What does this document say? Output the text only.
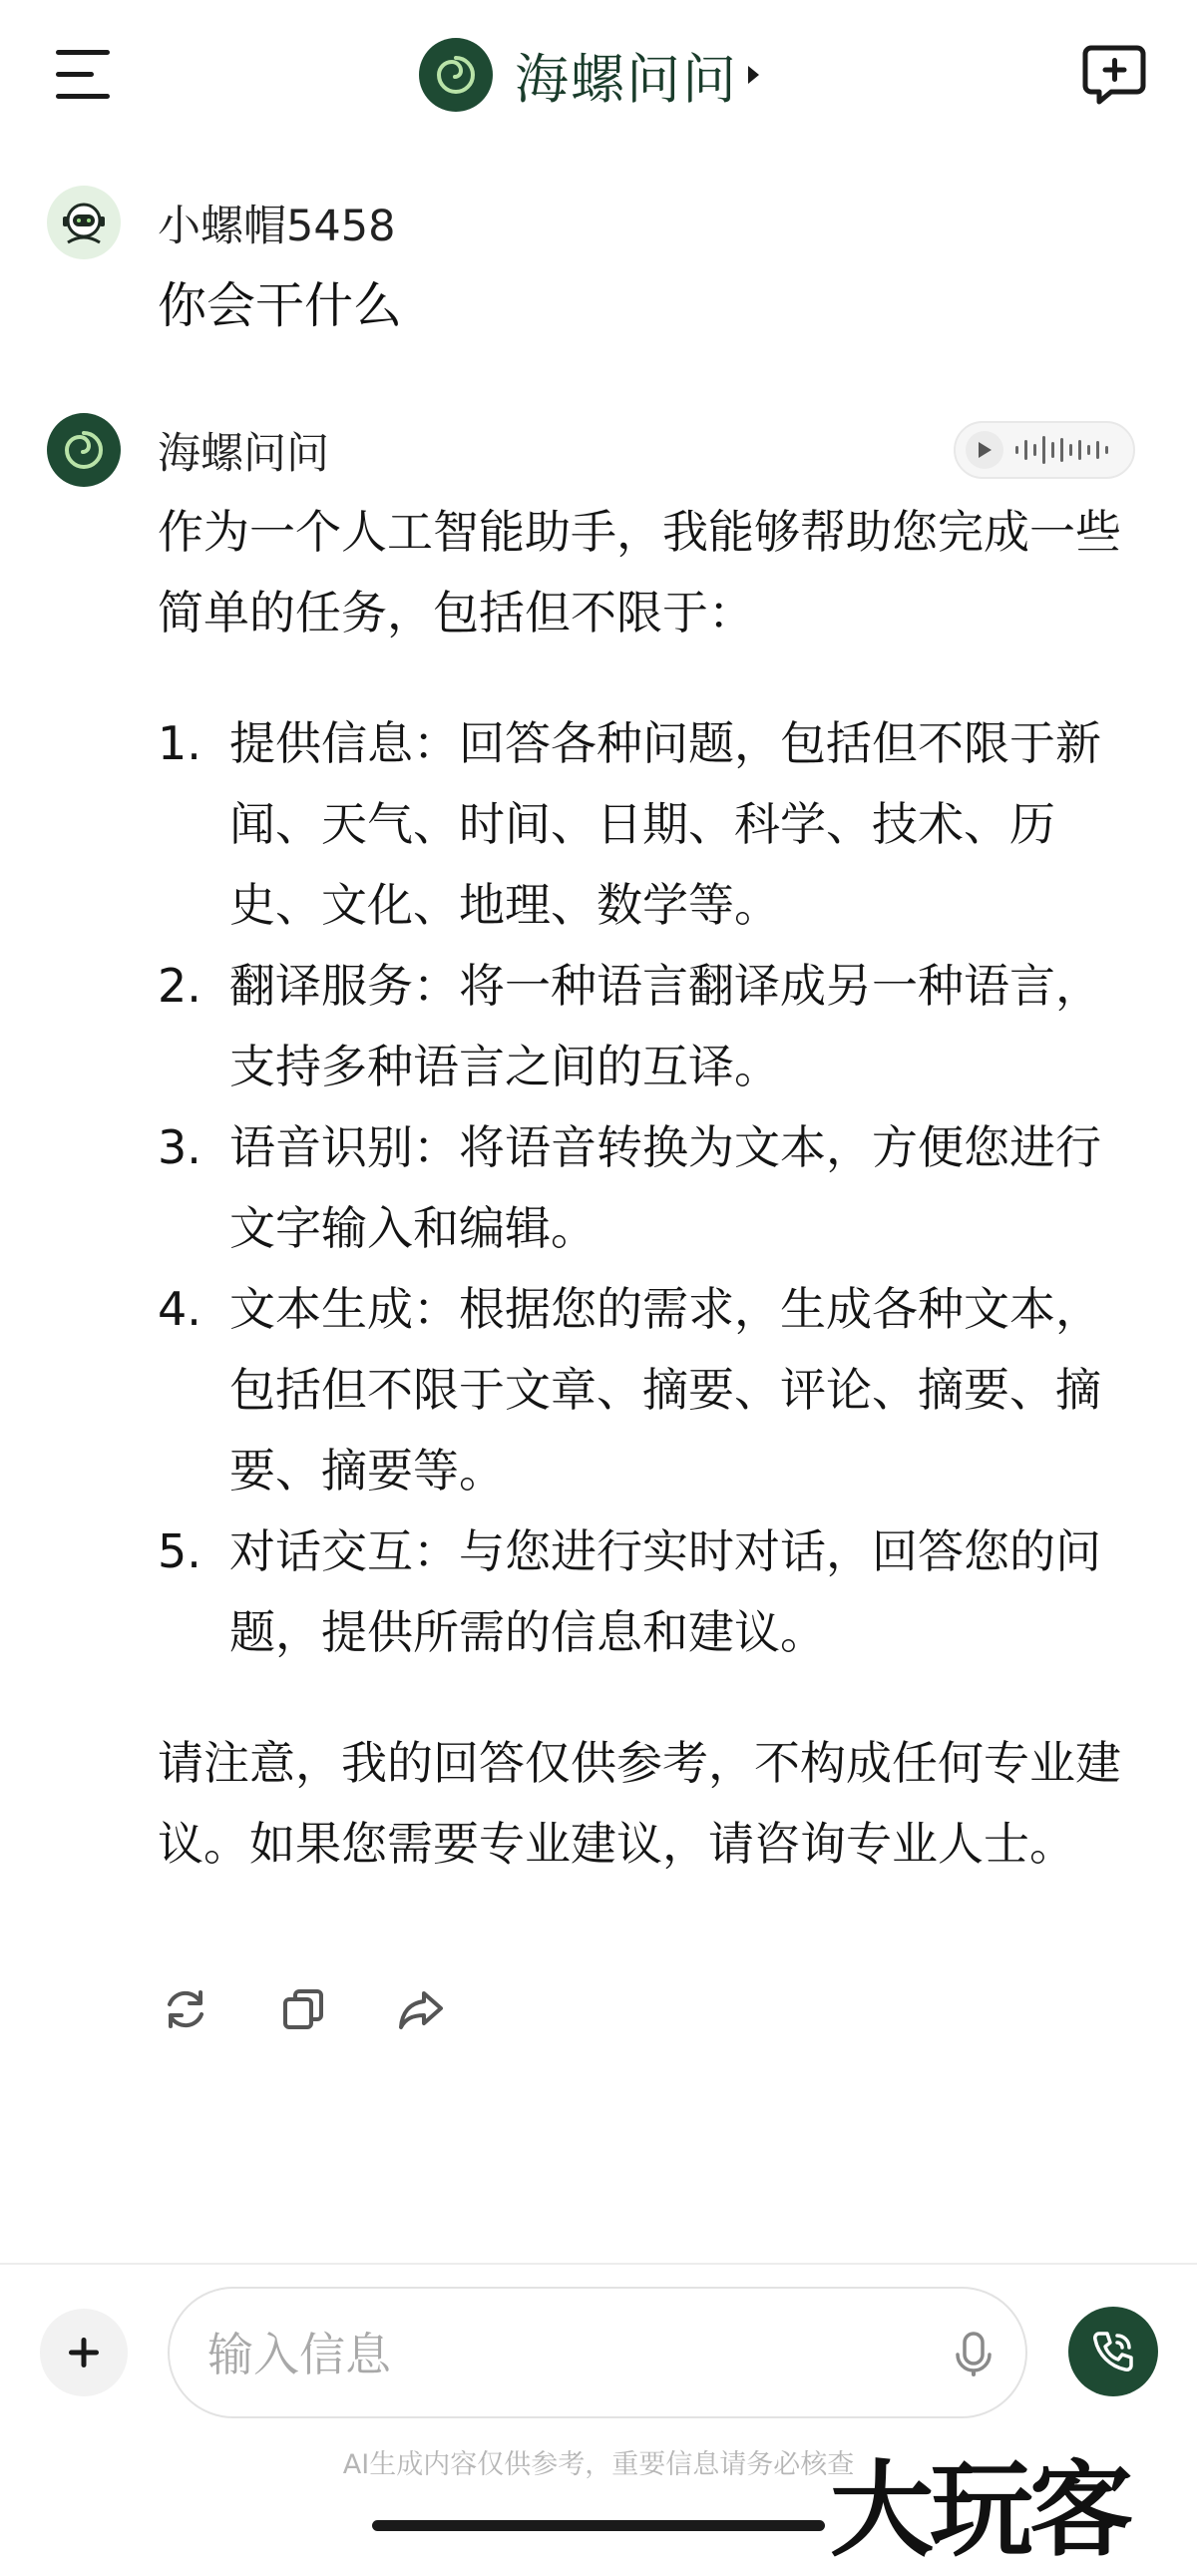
海螺问问
小螺帽5458
你会干什么
海螺问问

作为一个人工智能助手，我能够帮助您完成一些简单的任务，包括但不限于：

1. 提供信息：回答各种问题，包括但不限于新闻、天气、时间、日期、科学、技术、历史、文化、地理、数学等。
2. 翻译服务：将一种语言翻译成另一种语言，支持多种语言之间的互译。
3. 语音识别：将语音转换为文本，方便您进行文字输入和编辑。
4. 文本生成：根据您的需求，生成各种文本，包括但不限于文章、摘要、评论、摘要、摘要、摘要等。
5. 对话交互：与您进行实时对话，回答您的问题，提供所需的信息和建议。

请注意，我的回答仅供参考，不构成任何专业建议。如果您需要专业建议，请咨询专业人士。

输入信息
AI生成内容仅供参考，重要信息请务必核查
大玩客
